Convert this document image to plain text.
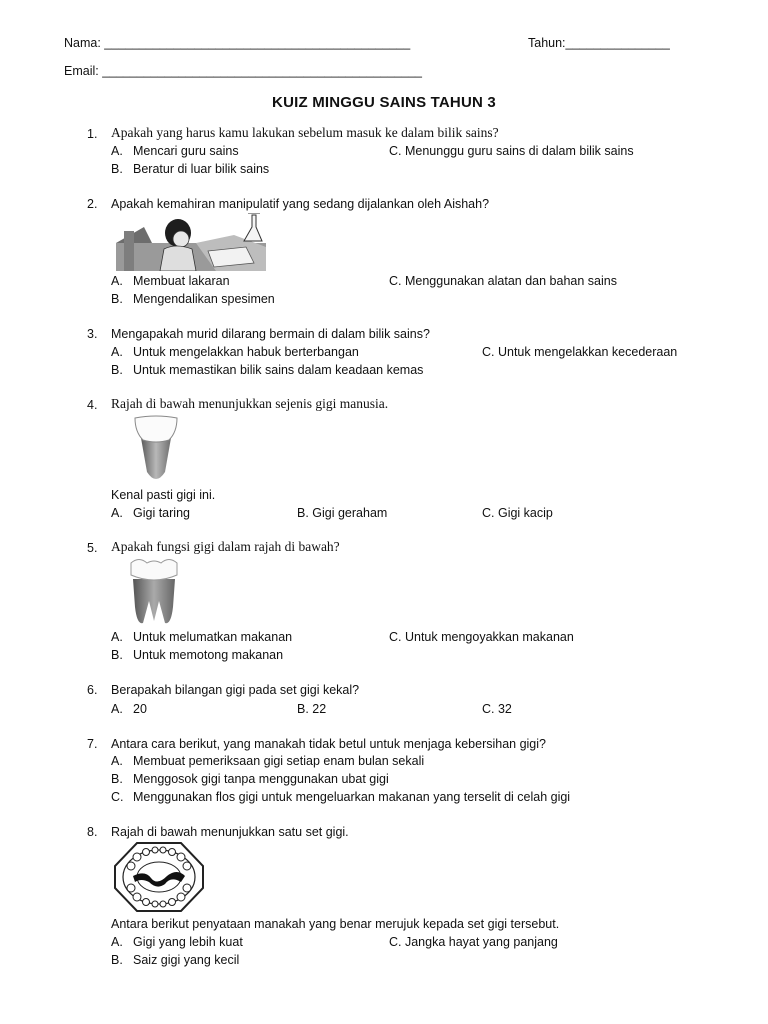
Nama: ____________________________________________	Tahun:_______________
Email: ______________________________________________
KUIZ MINGGU SAINS TAHUN 3
1. Apakah yang harus kamu lakukan sebelum masuk ke dalam bilik sains?
A. Mencari guru sains	C. Menunggu guru sains di dalam bilik sains
B. Beratur di luar bilik sains
2. Apakah kemahiran manipulatif yang sedang dijalankan oleh Aishah?
A. Membuat lakaran	C. Menggunakan alatan dan bahan sains
B. Mengendalikan spesimen
3. Mengapakah murid dilarang bermain di dalam bilik sains?
A. Untuk mengelakkan habuk berterbangan	C. Untuk mengelakkan kecederaan
B. Untuk memastikan bilik sains dalam keadaan kemas
4. Rajah di bawah menunjukkan sejenis gigi manusia.
Kenal pasti gigi ini.
A. Gigi taring	B. Gigi geraham	C. Gigi kacip
5. Apakah fungsi gigi dalam rajah di bawah?
A. Untuk melumatkan makanan	C. Untuk mengoyakkan makanan
B. Untuk memotong makanan
6. Berapakah bilangan gigi pada set gigi kekal?
A. 20	B. 22	C. 32
7. Antara cara berikut, yang manakah tidak betul untuk menjaga kebersihan gigi?
A. Membuat pemeriksaan gigi setiap enam bulan sekali
B. Menggosok gigi tanpa menggunakan ubat gigi
C. Menggunakan flos gigi untuk mengeluarkan makanan yang terselit di celah gigi
8. Rajah di bawah menunjukkan satu set gigi.
Antara berikut penyataan manakah yang benar merujuk kepada set gigi tersebut.
A. Gigi yang lebih kuat	C. Jangka hayat yang panjang
B. Saiz gigi yang kecil
